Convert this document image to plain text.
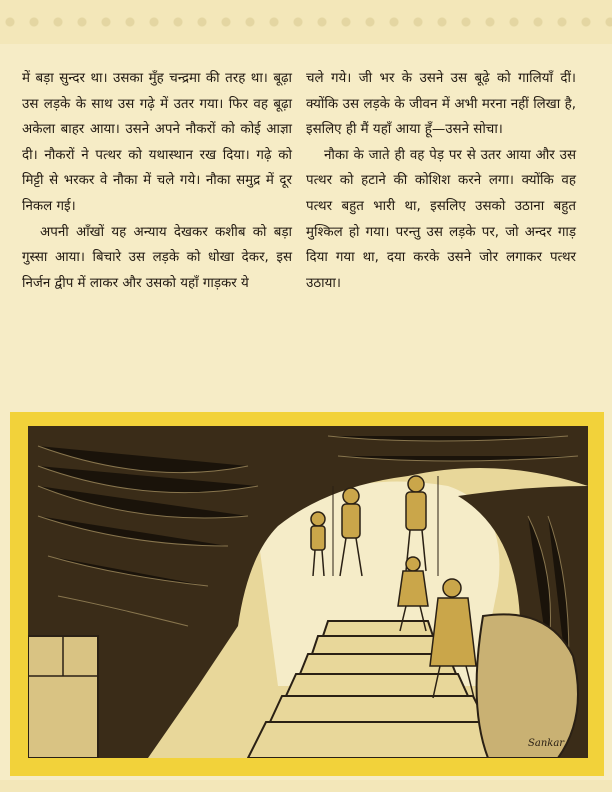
में बड़ा सुन्दर था। उसका मुँह चन्द्रमा की तरह था। बूढ़ा उस लड़के के साथ उस गढ़े में उतर गया। फिर वह बूढ़ा अकेला बाहर आया। उसने अपने नौकरों को कोई आज्ञा दी। नौकरों ने पत्थर को यथास्थान रख दिया। गढ़े को मिट्टी से भरकर वे नौका में चले गये। नौका समुद्र में दूर निकल गई।

अपनी आँखों यह अन्याय देखकर कशीब को बड़ा गुस्सा आया। बिचारे उस लड़के को धोखा देकर, इस निर्जन द्वीप में लाकर और उसको यहाँ गाड़कर ये

चले गये। जी भर के उसने उस बूढ़े को गालियाँ दीं। क्योंकि उस लड़के के जीवन में अभी मरना नहीं लिखा है, इसलिए ही मैं यहाँ आया हूँ—उसने सोचा।

नौका के जाते ही वह पेड़ पर से उतर आया और उस पत्थर को हटाने की कोशिश करने लगा। क्योंकि वह पत्थर बहुत भारी था, इसलिए उसको उठाना बहुत मुश्किल हो गया। परन्तु उस लड़के पर, जो अन्दर गाड़ दिया गया था, दया करके उसने जोर लगाकर पत्थर उठाया।

Sankar
